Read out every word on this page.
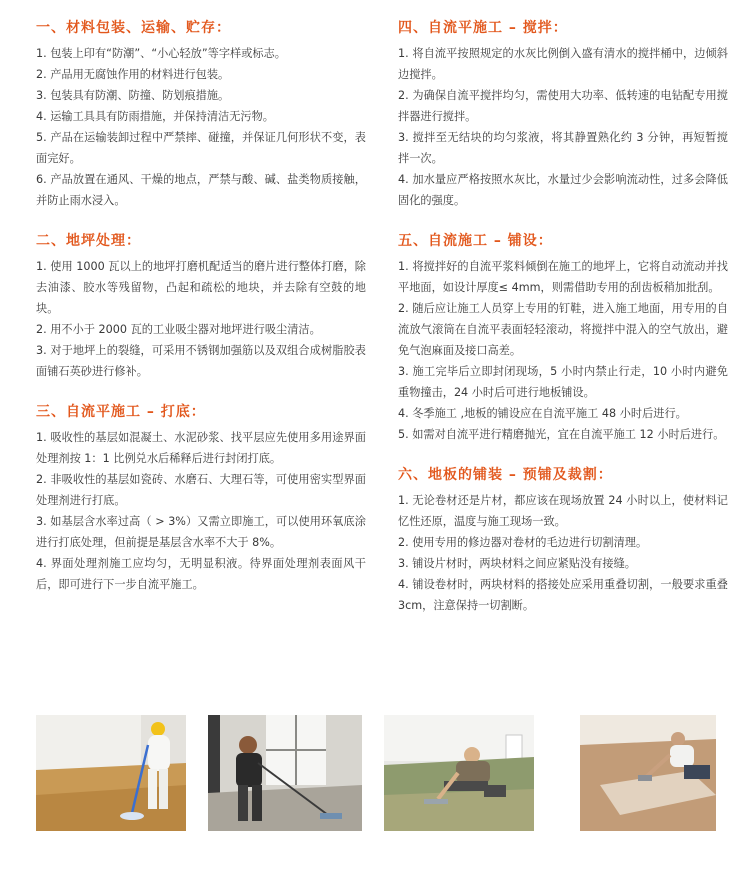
一、材料包装、运输、贮存：

1. 包装上印有“防潮”、“小心轻放”等字样或标志。

2. 产品用无腐蚀作用的材料进行包装。

3. 包装具有防潮、防撞、防划痕措施。

4. 运输工具具有防雨措施，并保持清洁无污物。

5. 产品在运输装卸过程中严禁摔、碰撞，并保证几何形状不变，表面完好。

6. 产品放置在通风、干燥的地点，严禁与酸、碱、盐类物质接触，并防止雨水浸入。

二、地坪处理：

1. 使用 1000 瓦以上的地坪打磨机配适当的磨片进行整体打磨，除去油漆、胶水等残留物，凸起和疏松的地块，并去除有空鼓的地块。

2. 用不小于 2000 瓦的工业吸尘器对地坪进行吸尘清洁。

3. 对于地坪上的裂缝，可采用不锈钢加强筋以及双组合成树脂胶表面铺石英砂进行修补。

三、自流平施工 – 打底：

1. 吸收性的基层如混凝土、水泥砂浆、找平层应先使用多用途界面处理剂按 1：1 比例兑水后稀释后进行封闭打底。

2. 非吸收性的基层如瓷砖、水磨石、大理石等，可使用密实型界面处理剂进行打底。

3. 如基层含水率过高（ > 3%）又需立即施工，可以使用环氧底涂进行打底处理，但前提是基层含水率不大于 8%。

4. 界面处理剂施工应均匀，无明显积液。待界面处理剂表面风干后，即可进行下一步自流平施工。

四、自流平施工 – 搅拌：

1. 将自流平按照规定的水灰比例倒入盛有清水的搅拌桶中，边倾斜边搅拌。

2. 为确保自流平搅拌均匀，需使用大功率、低转速的电钻配专用搅拌器进行搅拌。

3. 搅拌至无结块的均匀浆液，将其静置熟化约 3 分钟，再短暂搅拌一次。

4. 加水量应严格按照水灰比，水量过少会影响流动性，过多会降低固化的强度。

五、自流施工 – 铺设：

1. 将搅拌好的自流平浆料倾倒在施工的地坪上，它将自动流动并找平地面，如设计厚度≤ 4mm，则需借助专用的刮齿板稍加批刮。

2. 随后应让施工人员穿上专用的钉鞋，进入施工地面，用专用的自流放气滚筒在自流平表面轻轻滚动，将搅拌中混入的空气放出，避免气泡麻面及接口高差。

3. 施工完毕后立即封闭现场，5 小时内禁止行走，10 小时内避免重物撞击，24 小时后可进行地板铺设。

4. 冬季施工 ,地板的铺设应在自流平施工 48 小时后进行。

5. 如需对自流平进行精磨抛光，宜在自流平施工 12 小时后进行。

六、地板的铺装 – 预铺及裁割：

1. 无论卷材还是片材，都应该在现场放置 24 小时以上，使材料记忆性还原，温度与施工现场一致。

2. 使用专用的修边器对卷材的毛边进行切割清理。

3. 铺设片材时，两块材料之间应紧贴没有接缝。

4. 铺设卷材时，两块材料的搭接处应采用重叠切割，一般要求重叠 3cm，注意保持一切割断。
